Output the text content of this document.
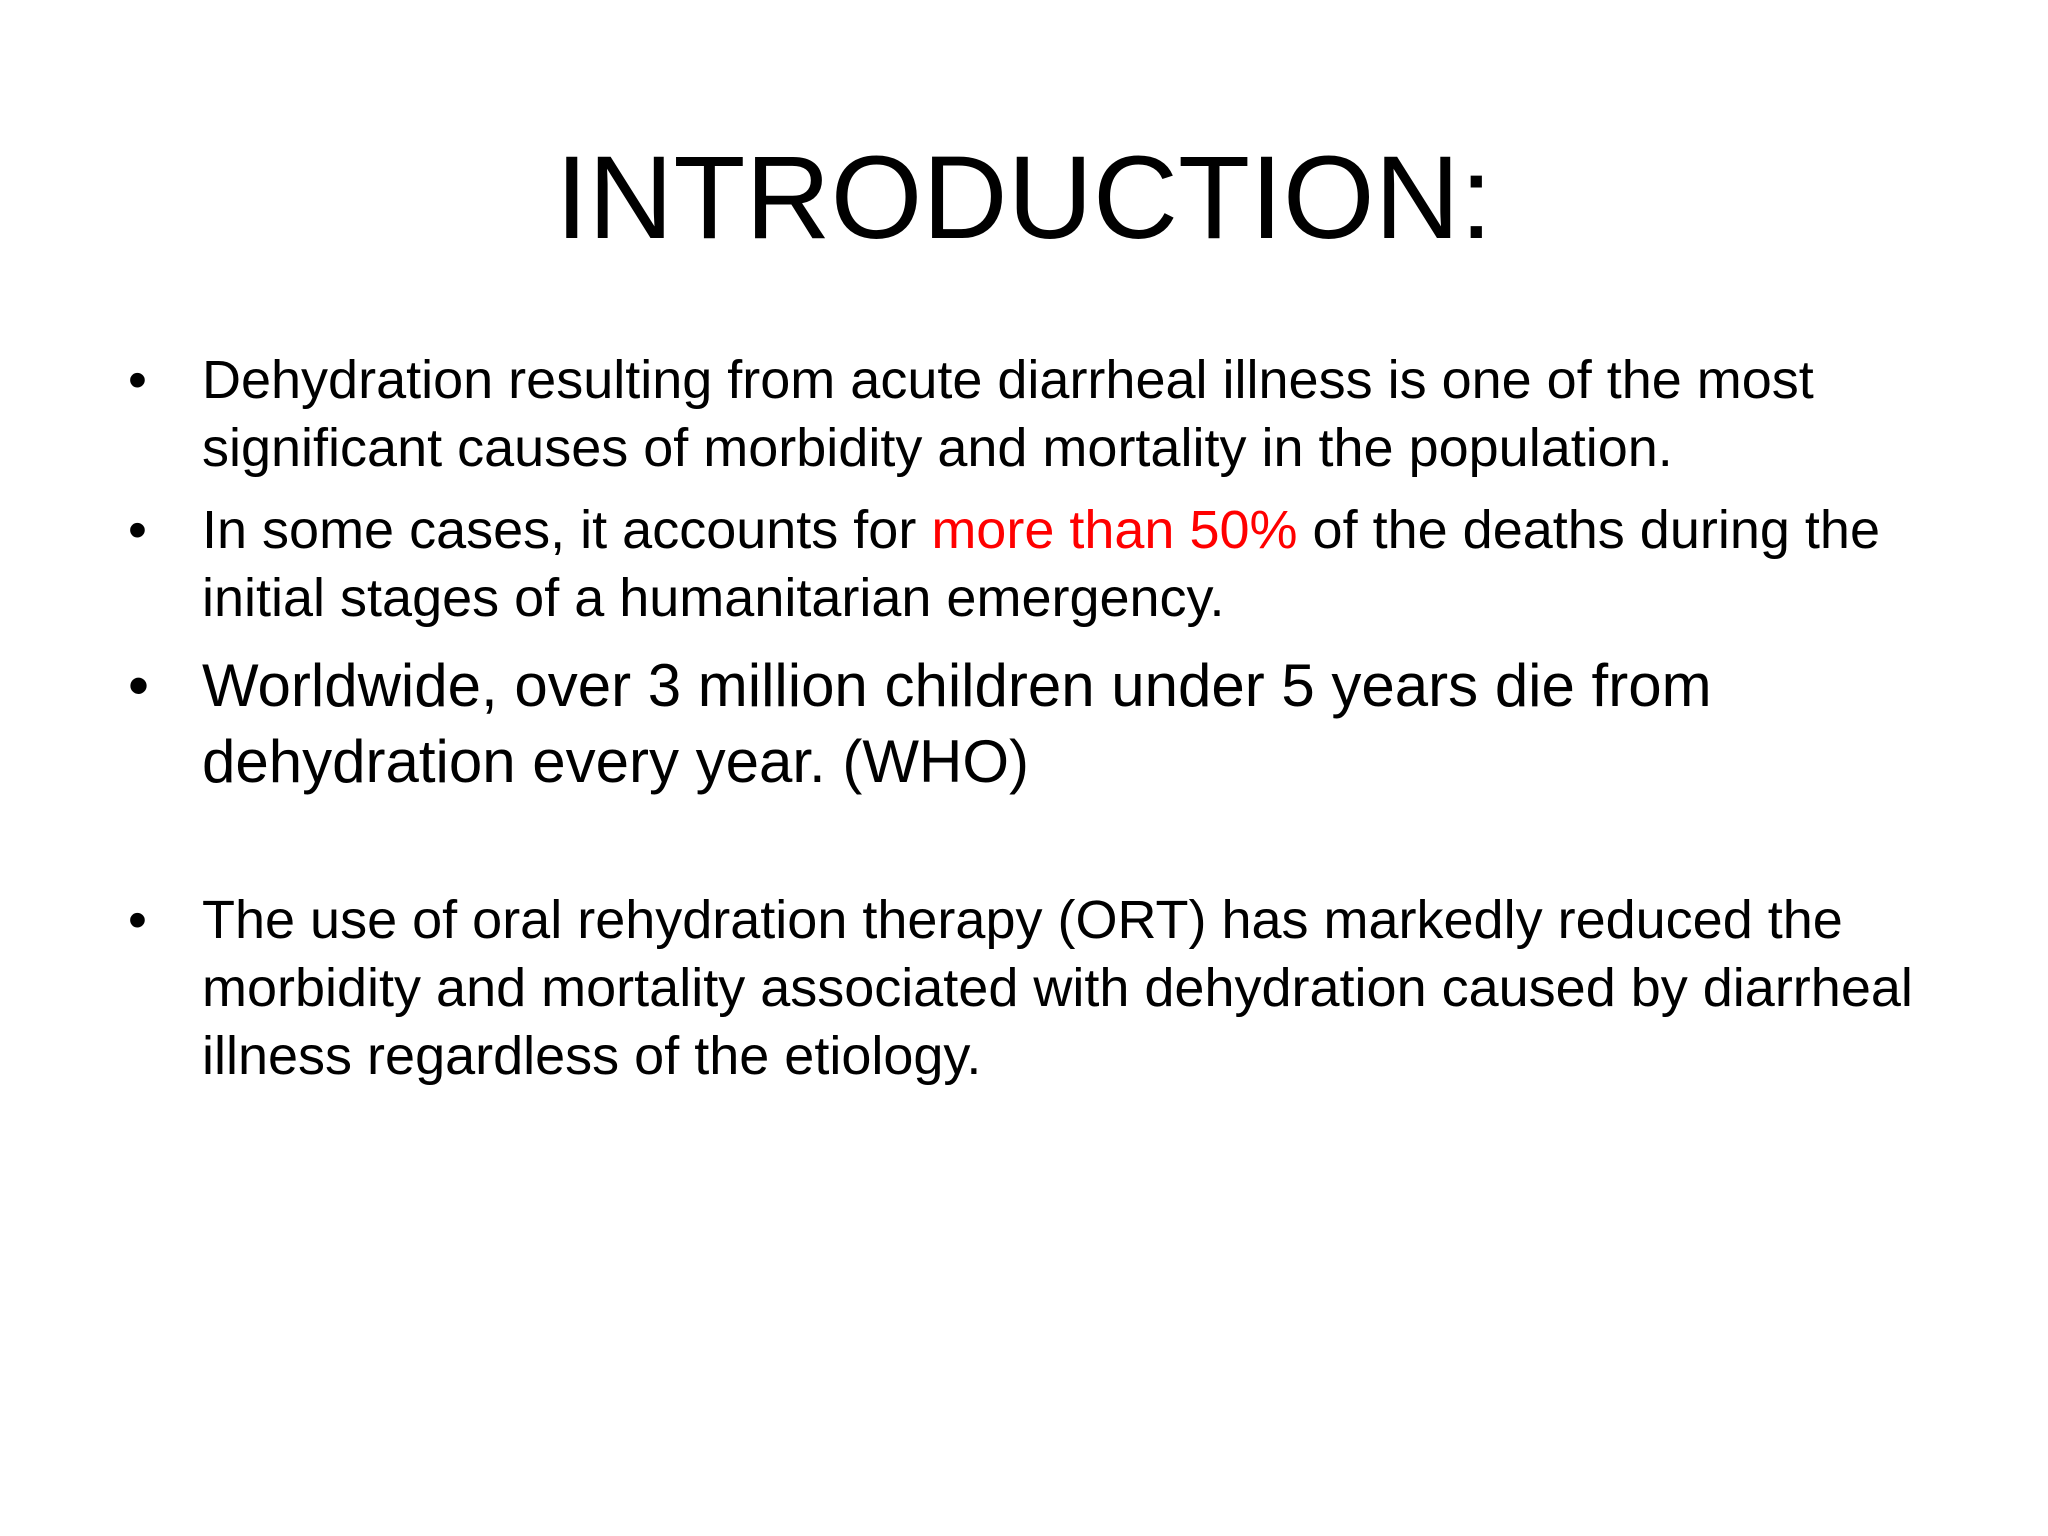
INTRODUCTION:
•	Dehydration resulting from acute diarrheal illness is one of the most significant causes of morbidity and mortality in the population.
•	In some cases, it accounts for more than 50% of the deaths during the initial stages of a humanitarian emergency.
• Worldwide, over 3 million children under 5 years die from dehydration every year. (WHO)
•	The use of oral rehydration therapy (ORT) has markedly reduced the morbidity and mortality associated with dehydration caused by diarrheal illness regardless of the etiology.
